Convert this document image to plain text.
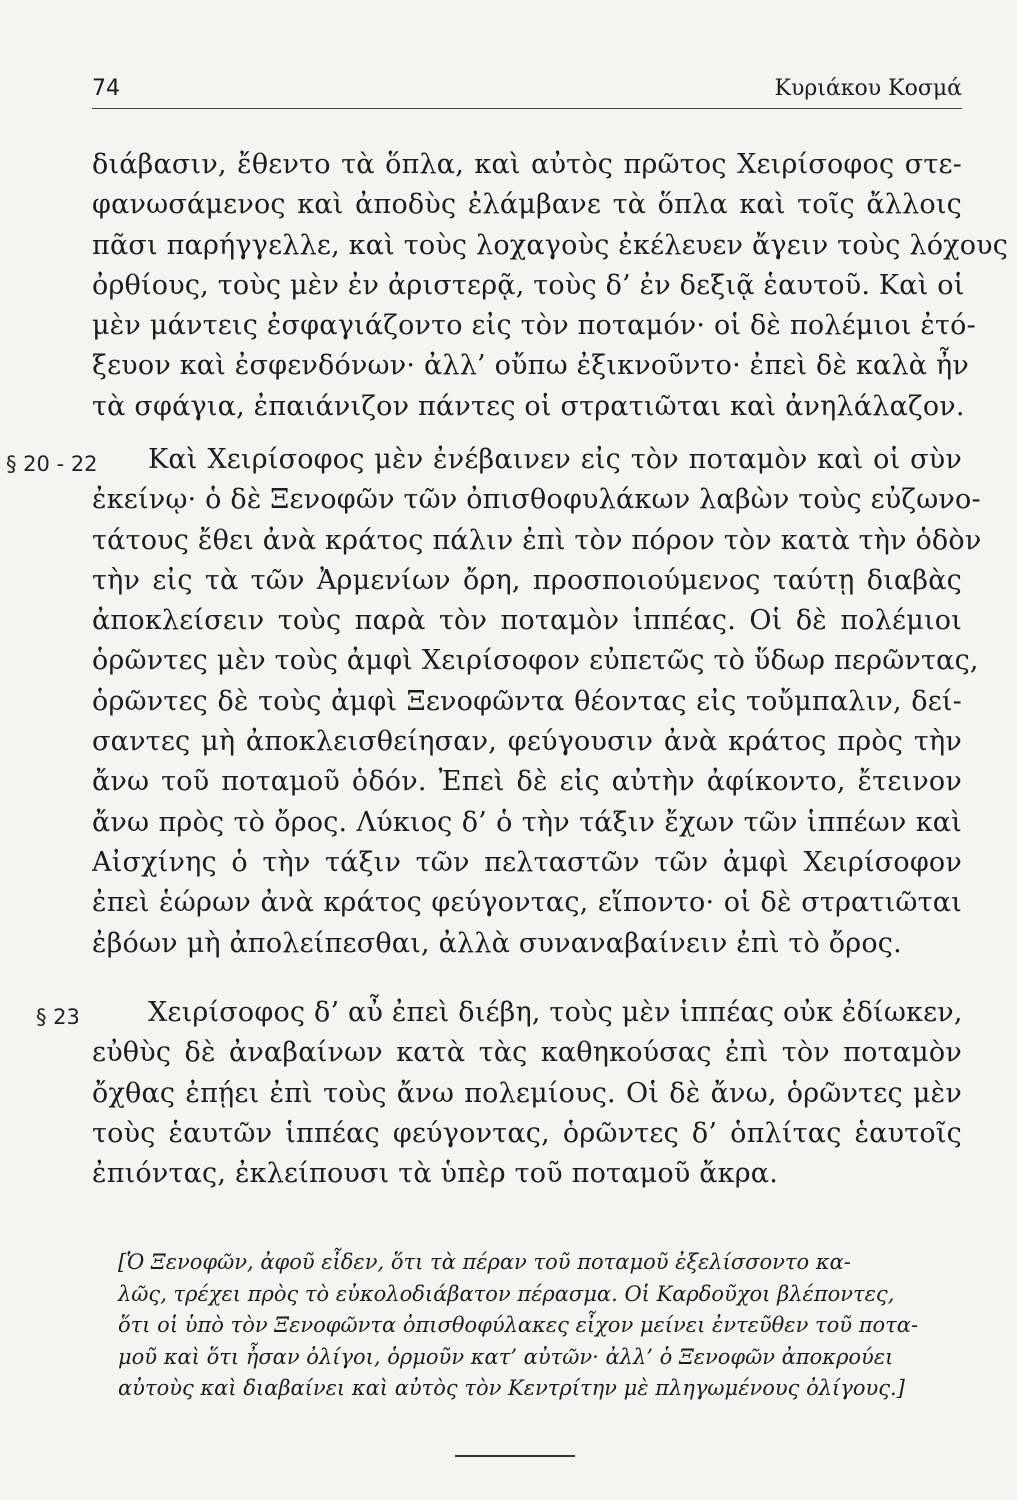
74	Κυριάκου Κοσμά
διάβασιν, ἔθεντο τὰ ὅπλα, καὶ αὐτὸς πρῶτος Χειρίσοφος στε-
φανωσάμενος καὶ ἀποδὺς ἐλάμβανε τὰ ὅπλα καὶ τοῖς ἄλλοις
πᾶσι παρήγγελλε, καὶ τοὺς λοχαγοὺς ἐκέλευεν ἄγειν τοὺς λόχους
ὀρθίους, τοὺς μὲν ἐν ἀριστερᾷ, τοὺς δ’ ἐν δεξιᾷ ἑαυτοῦ. Καὶ οἱ
μὲν μάντεις ἐσφαγιάζοντο εἰς τὸν ποταμόν· οἱ δὲ πολέμιοι ἐτό-
ξευον καὶ ἐσφενδόνων· ἀλλ’ οὔπω ἐξικνοῦντο· ἐπεὶ δὲ καλὰ ἦν
τὰ σφάγια, ἐπαιάνιζον πάντες οἱ στρατιῶται καὶ ἀνηλάλαζον.
§ 20 - 22	Καὶ Χειρίσοφος μὲν ἐνέβαινεν εἰς τὸν ποταμὸν καὶ οἱ σὺν
ἐκείνῳ· ὁ δὲ Ξενοφῶν τῶν ὀπισθοφυλάκων λαβὼν τοὺς εὐζωνο-
τάτους ἔθει ἀνὰ κράτος πάλιν ἐπὶ τὸν πόρον τὸν κατὰ τὴν ὁδὸν
τὴν εἰς τὰ τῶν Ἀρμενίων ὄρη, προσποιούμενος ταύτῃ διαβὰς
ἀποκλείσειν τοὺς παρὰ τὸν ποταμὸν ἱππέας. Οἱ δὲ πολέμιοι
ὁρῶντες μὲν τοὺς ἀμφὶ Χειρίσοφον εὐπετῶς τὸ ὕδωρ περῶντας,
ὁρῶντες δὲ τοὺς ἀμφὶ Ξενοφῶντα θέοντας εἰς τοὔμπαλιν, δεί-
σαντες μὴ ἀποκλεισθείησαν, φεύγουσιν ἀνὰ κράτος πρὸς τὴν
ἄνω τοῦ ποταμοῦ ὁδόν. Ἐπεὶ δὲ εἰς αὐτὴν ἀφίκοντο, ἔτεινον
ἄνω πρὸς τὸ ὄρος. Λύκιος δ’ ὁ τὴν τάξιν ἔχων τῶν ἱππέων καὶ
Αἰσχίνης ὁ τὴν τάξιν τῶν πελταστῶν τῶν ἀμφὶ Χειρίσοφον
ἐπεὶ ἑώρων ἀνὰ κράτος φεύγοντας, εἵποντο· οἱ δὲ στρατιῶται
ἐβόων μὴ ἀπολείπεσθαι, ἀλλὰ συναναβαίνειν ἐπὶ τὸ ὄρος.
§ 23	Χειρίσοφος δ’ αὖ ἐπεὶ διέβη, τοὺς μὲν ἱππέας οὐκ ἐδίωκεν,
εὐθὺς δὲ ἀναβαίνων κατὰ τὰς καθηκούσας ἐπὶ τὸν ποταμὸν
ὄχθας ἐπῄει ἐπὶ τοὺς ἄνω πολεμίους. Οἱ δὲ ἄνω, ὁρῶντες μὲν
τοὺς ἑαυτῶν ἱππέας φεύγοντας, ὁρῶντες δ’ ὁπλίτας ἑαυτοῖς
ἐπιόντας, ἐκλείπουσι τὰ ὑπὲρ τοῦ ποταμοῦ ἄκρα.
[Ὁ Ξενοφῶν, ἀφοῦ εἶδεν, ὅτι τὰ πέραν τοῦ ποταμοῦ ἐξελίσσοντο κα-
λῶς, τρέχει πρὸς τὸ εὐκολοδιάβατον πέρασμα. Οἱ Καρδοῦχοι βλέποντες,
ὅτι οἱ ὑπὸ τὸν Ξενοφῶντα ὀπισθοφύλακες εἶχον μείνει ἐντεῦθεν τοῦ ποτα-
μοῦ καὶ ὅτι ἦσαν ὀλίγοι, ὁρμοῦν κατ’ αὐτῶν· ἀλλ’ ὁ Ξενοφῶν ἀποκρούει
αὐτοὺς καὶ διαβαίνει καὶ αὐτὸς τὸν Κεντρίτην μὲ πληγωμένους ὀλίγους.]
